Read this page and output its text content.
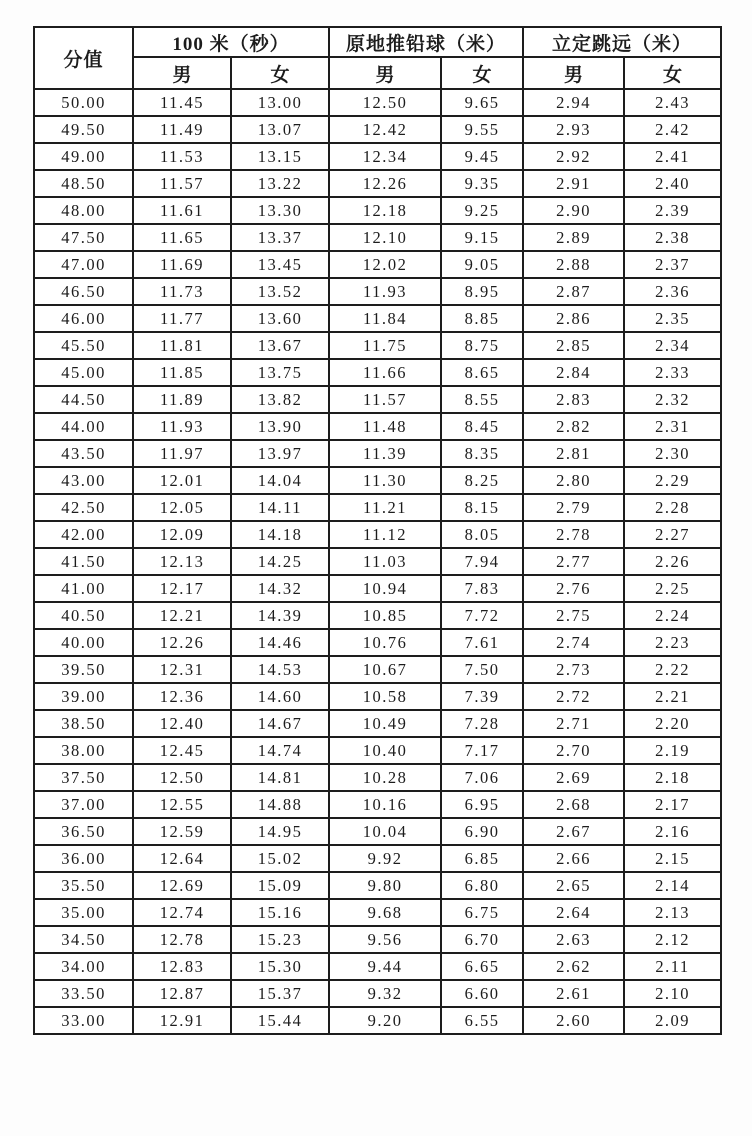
分值	100 米（秒）		原地推铅球（米）		立定跳远（米）	
	男	女	男	女	男	女
50.00	11.45	13.00	12.50	9.65	2.94	2.43
49.50	11.49	13.07	12.42	9.55	2.93	2.42
49.00	11.53	13.15	12.34	9.45	2.92	2.41
48.50	11.57	13.22	12.26	9.35	2.91	2.40
48.00	11.61	13.30	12.18	9.25	2.90	2.39
47.50	11.65	13.37	12.10	9.15	2.89	2.38
47.00	11.69	13.45	12.02	9.05	2.88	2.37
46.50	11.73	13.52	11.93	8.95	2.87	2.36
46.00	11.77	13.60	11.84	8.85	2.86	2.35
45.50	11.81	13.67	11.75	8.75	2.85	2.34
45.00	11.85	13.75	11.66	8.65	2.84	2.33
44.50	11.89	13.82	11.57	8.55	2.83	2.32
44.00	11.93	13.90	11.48	8.45	2.82	2.31
43.50	11.97	13.97	11.39	8.35	2.81	2.30
43.00	12.01	14.04	11.30	8.25	2.80	2.29
42.50	12.05	14.11	11.21	8.15	2.79	2.28
42.00	12.09	14.18	11.12	8.05	2.78	2.27
41.50	12.13	14.25	11.03	7.94	2.77	2.26
41.00	12.17	14.32	10.94	7.83	2.76	2.25
40.50	12.21	14.39	10.85	7.72	2.75	2.24
40.00	12.26	14.46	10.76	7.61	2.74	2.23
39.50	12.31	14.53	10.67	7.50	2.73	2.22
39.00	12.36	14.60	10.58	7.39	2.72	2.21
38.50	12.40	14.67	10.49	7.28	2.71	2.20
38.00	12.45	14.74	10.40	7.17	2.70	2.19
37.50	12.50	14.81	10.28	7.06	2.69	2.18
37.00	12.55	14.88	10.16	6.95	2.68	2.17
36.50	12.59	14.95	10.04	6.90	2.67	2.16
36.00	12.64	15.02	9.92	6.85	2.66	2.15
35.50	12.69	15.09	9.80	6.80	2.65	2.14
35.00	12.74	15.16	9.68	6.75	2.64	2.13
34.50	12.78	15.23	9.56	6.70	2.63	2.12
34.00	12.83	15.30	9.44	6.65	2.62	2.11
33.50	12.87	15.37	9.32	6.60	2.61	2.10
33.00	12.91	15.44	9.20	6.55	2.60	2.09
